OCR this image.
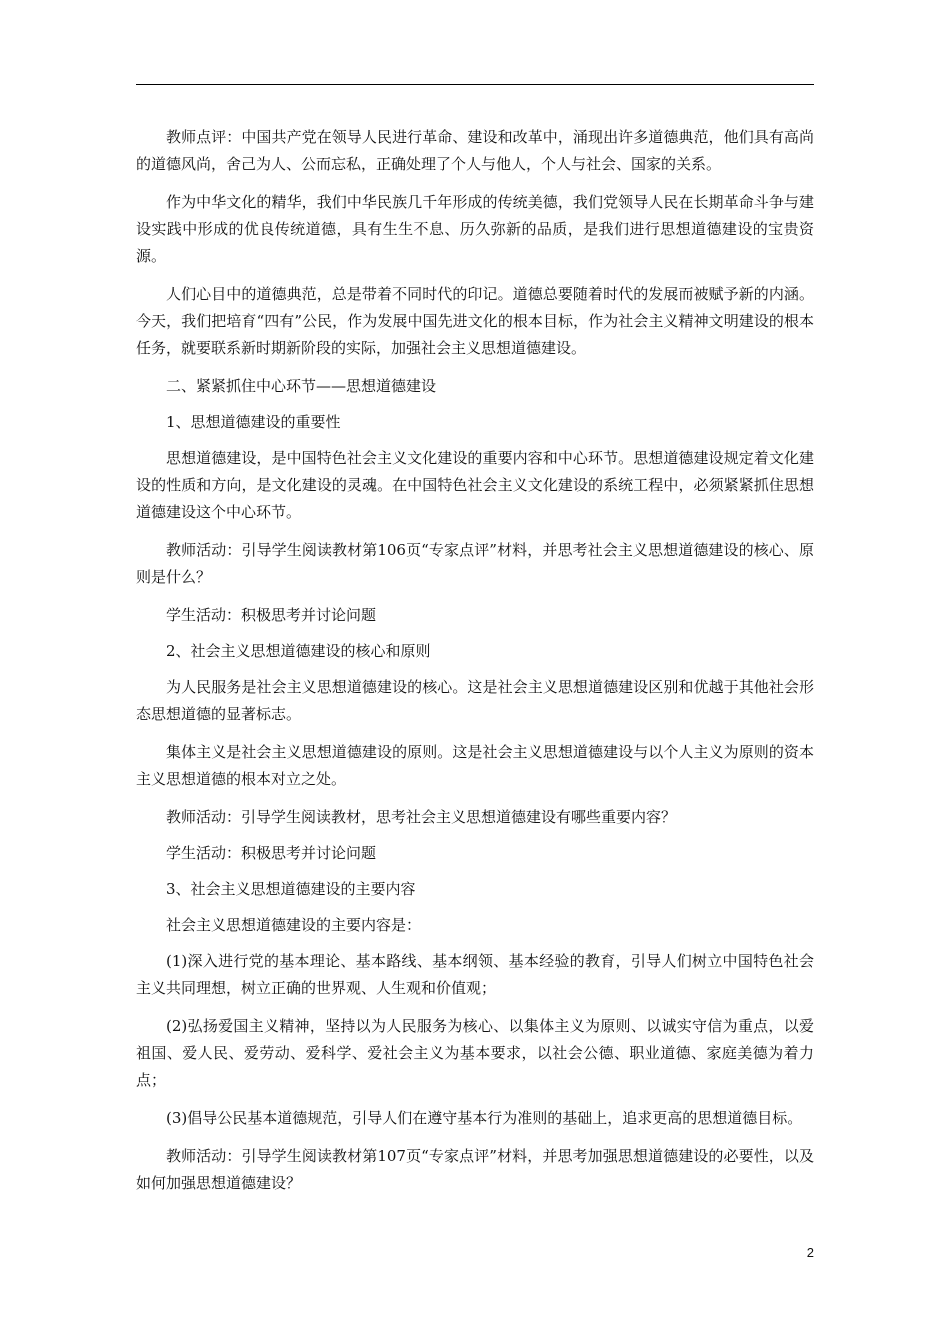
教师点评：中国共产党在领导人民进行革命、建设和改革中，涌现出许多道德典范，他们具有高尚的道德风尚，舍己为人、公而忘私，正确处理了个人与他人，个人与社会、国家的关系。

作为中华文化的精华，我们中华民族几千年形成的传统美德，我们党领导人民在长期革命斗争与建设实践中形成的优良传统道德，具有生生不息、历久弥新的品质，是我们进行思想道德建设的宝贵资源。

人们心目中的道德典范，总是带着不同时代的印记。道德总要随着时代的发展而被赋予新的内涵。今天，我们把培育“四有”公民，作为发展中国先进文化的根本目标，作为社会主义精神文明建设的根本任务，就要联系新时期新阶段的实际，加强社会主义思想道德建设。

二、紧紧抓住中心环节——思想道德建设

1、思想道德建设的重要性

思想道德建设，是中国特色社会主义文化建设的重要内容和中心环节。思想道德建设规定着文化建设的性质和方向，是文化建设的灵魂。在中国特色社会主义文化建设的系统工程中，必须紧紧抓住思想道德建设这个中心环节。

教师活动：引导学生阅读教材第106页“专家点评”材料，并思考社会主义思想道德建设的核心、原则是什么？

学生活动：积极思考并讨论问题

2、社会主义思想道德建设的核心和原则

为人民服务是社会主义思想道德建设的核心。这是社会主义思想道德建设区别和优越于其他社会形态思想道德的显著标志。

集体主义是社会主义思想道德建设的原则。这是社会主义思想道德建设与以个人主义为原则的资本主义思想道德的根本对立之处。

教师活动：引导学生阅读教材，思考社会主义思想道德建设有哪些重要内容？

学生活动：积极思考并讨论问题

3、社会主义思想道德建设的主要内容

社会主义思想道德建设的主要内容是：

(1)深入进行党的基本理论、基本路线、基本纲领、基本经验的教育，引导人们树立中国特色社会主义共同理想，树立正确的世界观、人生观和价值观；

(2)弘扬爱国主义精神，坚持以为人民服务为核心、以集体主义为原则、以诚实守信为重点，以爱祖国、爱人民、爱劳动、爱科学、爱社会主义为基本要求，以社会公德、职业道德、家庭美德为着力点；

(3)倡导公民基本道德规范，引导人们在遵守基本行为准则的基础上，追求更高的思想道德目标。

教师活动：引导学生阅读教材第107页“专家点评”材料，并思考加强思想道德建设的必要性，以及如何加强思想道德建设？

2
